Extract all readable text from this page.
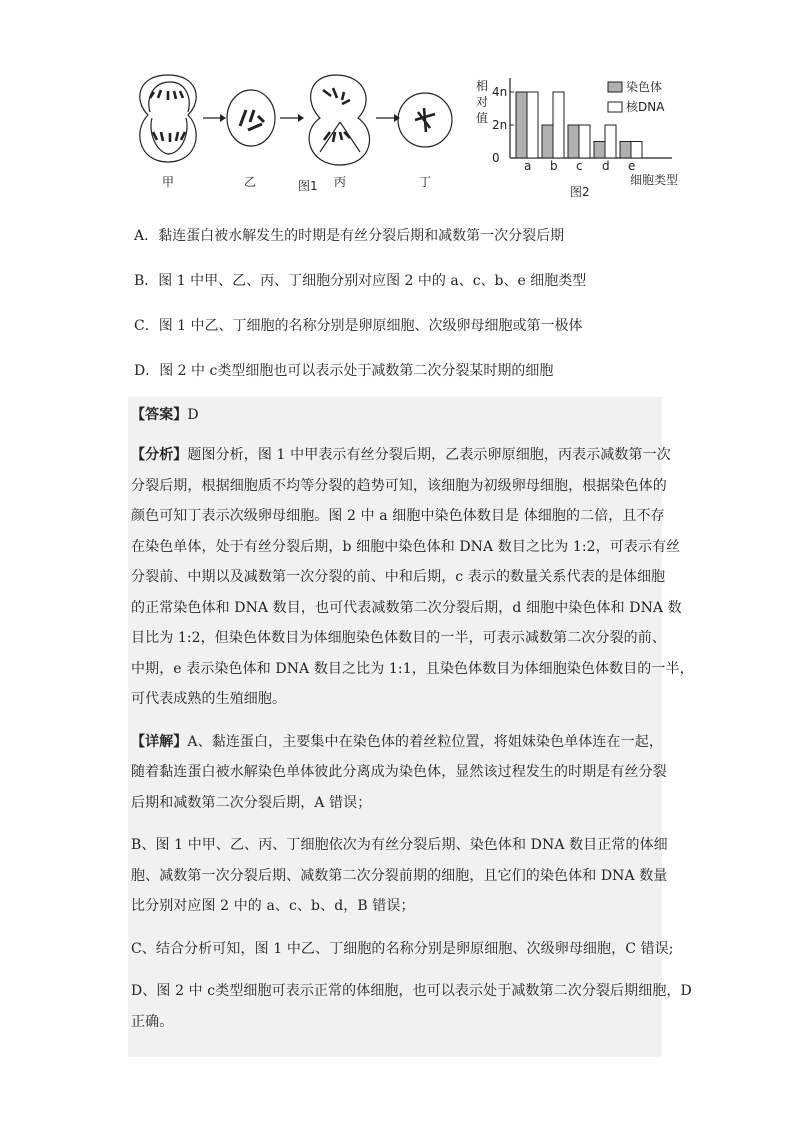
甲	乙	图1 丙	丁
相
对
值
4n
2n
0
a b c d e
染色体
核DNA
图2
细胞类型
A．黏连蛋白被水解发生的时期是有丝分裂后期和减数第一次分裂后期
B．图 1 中甲、乙、丙、丁细胞分别对应图 2 中的 a、c、b、e 细胞类型
C．图 1 中乙、丁细胞的名称分别是卵原细胞、次级卵母细胞或第一极体
D．图 2 中 c类型细胞也可以表示处于减数第二次分裂某时期的细胞
【答案】D
【分析】题图分析，图 1 中甲表示有丝分裂后期，乙表示卵原细胞，丙表示减数第一次
分裂后期，根据细胞质不均等分裂的趋势可知，该细胞为初级卵母细胞，根据染色体的
颜色可知丁表示次级卵母细胞。图 2 中 a 细胞中染色体数目是 体细胞的二倍，且不存
在染色单体，处于有丝分裂后期，b 细胞中染色体和 DNA 数目之比为 1:2，可表示有丝
分裂前、中期以及减数第一次分裂的前、中和后期，c 表示的数量关系代表的是体细胞
的正常染色体和 DNA 数目，也可代表减数第二次分裂后期，d 细胞中染色体和 DNA 数
目比为 1:2，但染色体数目为体细胞染色体数目的一半，可表示减数第二次分裂的前、
中期，e 表示染色体和 DNA 数目之比为 1:1，且染色体数目为体细胞染色体数目的一半，
可代表成熟的生殖细胞。
【详解】A、黏连蛋白，主要集中在染色体的着丝粒位置，将姐妹染色单体连在一起，
随着黏连蛋白被水解染色单体彼此分离成为染色体，显然该过程发生的时期是有丝分裂
后期和减数第二次分裂后期，A 错误；
B、图 1 中甲、乙、丙、丁细胞依次为有丝分裂后期、染色体和 DNA 数目正常的体细
胞、减数第一次分裂后期、减数第二次分裂前期的细胞，且它们的染色体和 DNA 数量
比分别对应图 2 中的 a、c、b、d，B 错误；
C、结合分析可知，图 1 中乙、丁细胞的名称分别是卵原细胞、次级卵母细胞，C 错误;
D、图 2 中 c类型细胞可表示正常的体细胞，也可以表示处于减数第二次分裂后期细胞，D
正确。
